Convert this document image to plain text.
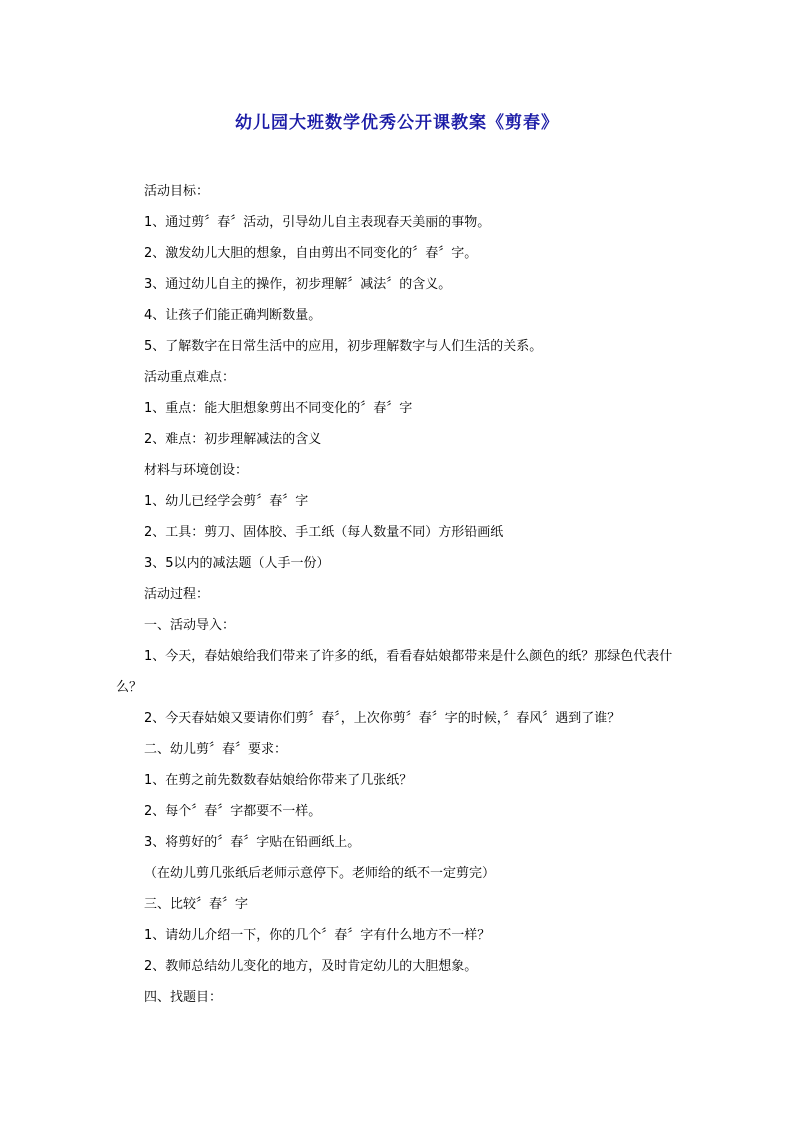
幼儿园大班数学优秀公开课教案《剪春》
活动目标：
1、通过剪〞春〞活动，引导幼儿自主表现春天美丽的事物。
2、激发幼儿大胆的想象，自由剪出不同变化的〞春〞字。
3、通过幼儿自主的操作，初步理解〞减法〞的含义。
4、让孩子们能正确判断数量。
5、了解数字在日常生活中的应用，初步理解数字与人们生活的关系。
活动重点难点：
1、重点：能大胆想象剪出不同变化的〞春〞字
2、难点：初步理解减法的含义
材料与环境创设：
1、幼儿已经学会剪〞春〞字
2、工具：剪刀、固体胶、手工纸（每人数量不同）方形铅画纸
3、5以内的减法题（人手一份）
活动过程：
一、活动导入：
1、今天，春姑娘给我们带来了许多的纸，看看春姑娘都带来是什么颜色的纸？那绿色代表什么？
2、今天春姑娘又要请你们剪〞春〞，上次你剪〞春〞字的时候，〞春风〞遇到了谁？
二、幼儿剪〞春〞要求：
1、在剪之前先数数春姑娘给你带来了几张纸？
2、每个〞春〞字都要不一样。
3、将剪好的〞春〞字贴在铅画纸上。
（在幼儿剪几张纸后老师示意停下。老师给的纸不一定剪完）
三、比较〞春〞字
1、请幼儿介绍一下，你的几个〞春〞字有什么地方不一样？
2、教师总结幼儿变化的地方，及时肯定幼儿的大胆想象。
四、找题目：
